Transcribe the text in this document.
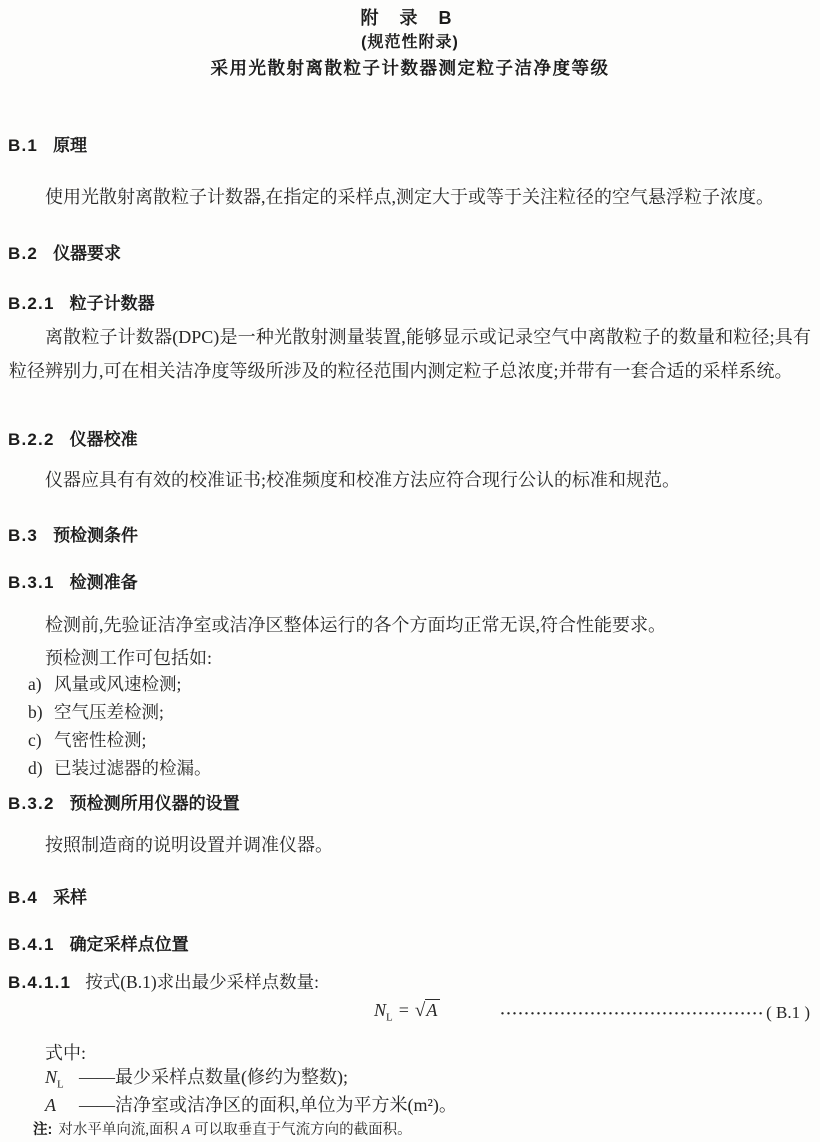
附 录 B
(规范性附录)
采用光散射离散粒子计数器测定粒子洁净度等级
B.1 原理
使用光散射离散粒子计数器,在指定的采样点,测定大于或等于关注粒径的空气悬浮粒子浓度。
B.2 仪器要求
B.2.1 粒子计数器
离散粒子计数器(DPC)是一种光散射测量装置,能够显示或记录空气中离散粒子的数量和粒径;具有粒径辨别力,可在相关洁净度等级所涉及的粒径范围内测定粒子总浓度;并带有一套合适的采样系统。
B.2.2 仪器校准
仪器应具有有效的校准证书;校准频度和校准方法应符合现行公认的标准和规范。
B.3 预检测条件
B.3.1 检测准备
检测前,先验证洁净室或洁净区整体运行的各个方面均正常无误,符合性能要求。
预检测工作可包括如:
a) 风量或风速检测;
b) 空气压差检测;
c) 气密性检测;
d) 已装过滤器的检漏。
B.3.2 预检测所用仪器的设置
按照制造商的说明设置并调准仪器。
B.4 采样
B.4.1 确定采样点位置
B.4.1.1 按式(B.1)求出最少采样点数量:
$N_L = √A$	············································ ( B.1 )
式中:
$N_L$ ——最少采样点数量(修约为整数);
A ——洁净室或洁净区的面积,单位为平方米(m²)。
注: 对水平单向流,面积 A 可以取垂直于气流方向的截面积。
